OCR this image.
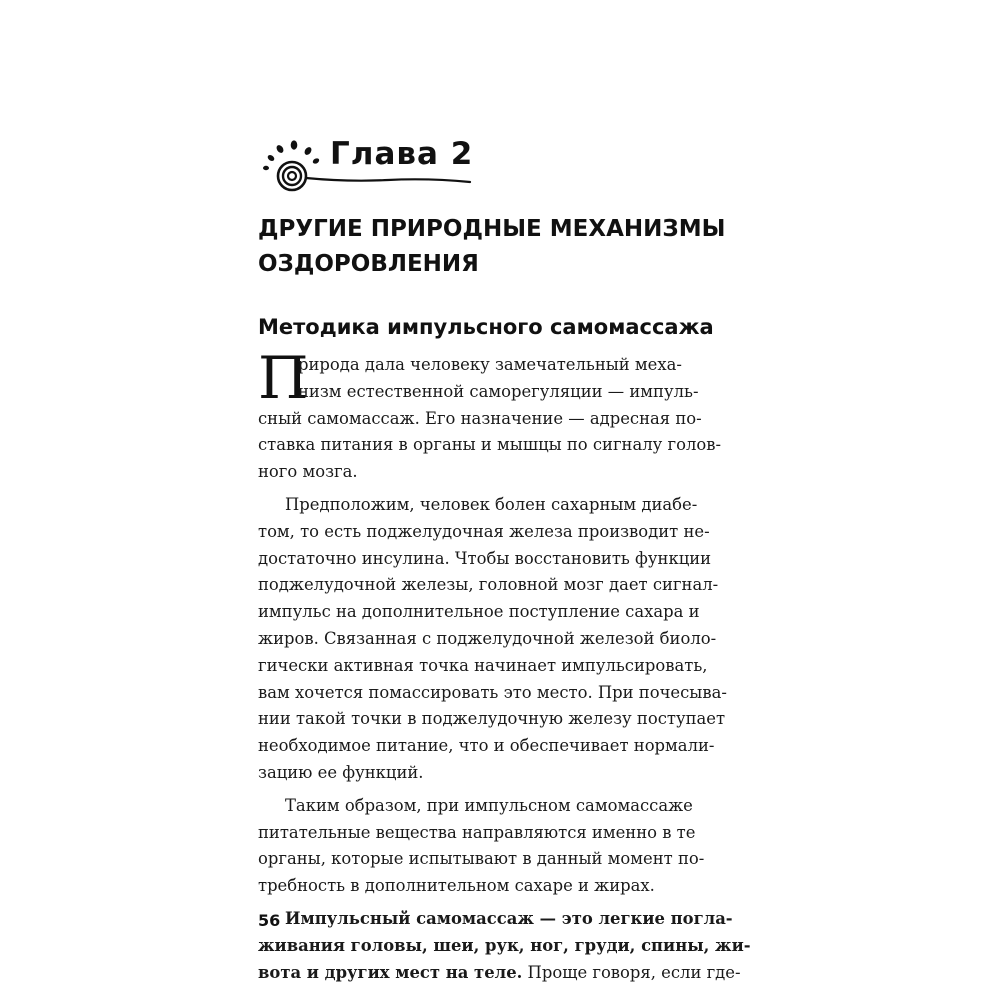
Глава 2
ДРУГИЕ ПРИРОДНЫЕ МЕХАНИЗМЫ
ОЗДОРОВЛЕНИЯ
Методика импульсного самомассажа
П
рирода дала человеку замечательный меха-
низм естественной саморегуляции — импуль-
сный самомассаж. Его назначение — адресная по-
ставка питания в органы и мышцы по сигналу голов-
ного мозга.
Предположим, человек болен сахарным диабе-
том, то есть поджелудочная железа производит не-
достаточно инсулина. Чтобы восстановить функции
поджелудочной железы, головной мозг дает сигнал-
импульс на дополнительное поступление сахара и
жиров. Связанная с поджелудочной железой биоло-
гически активная точка начинает импульсировать,
вам хочется помассировать это место. При почесыва-
нии такой точки в поджелудочную железу поступает
необходимое питание, что и обеспечивает нормали-
зацию ее функций.
Таким образом, при импульсном самомассаже
питательные вещества направляются именно в те
органы, которые испытывают в данный момент по-
требность в дополнительном сахаре и жирах.
Импульсный самомассаж — это легкие погла-
живания головы, шеи, рук, ног, груди, спины, жи-
вота и других мест на теле. Проще говоря, если где-
56
